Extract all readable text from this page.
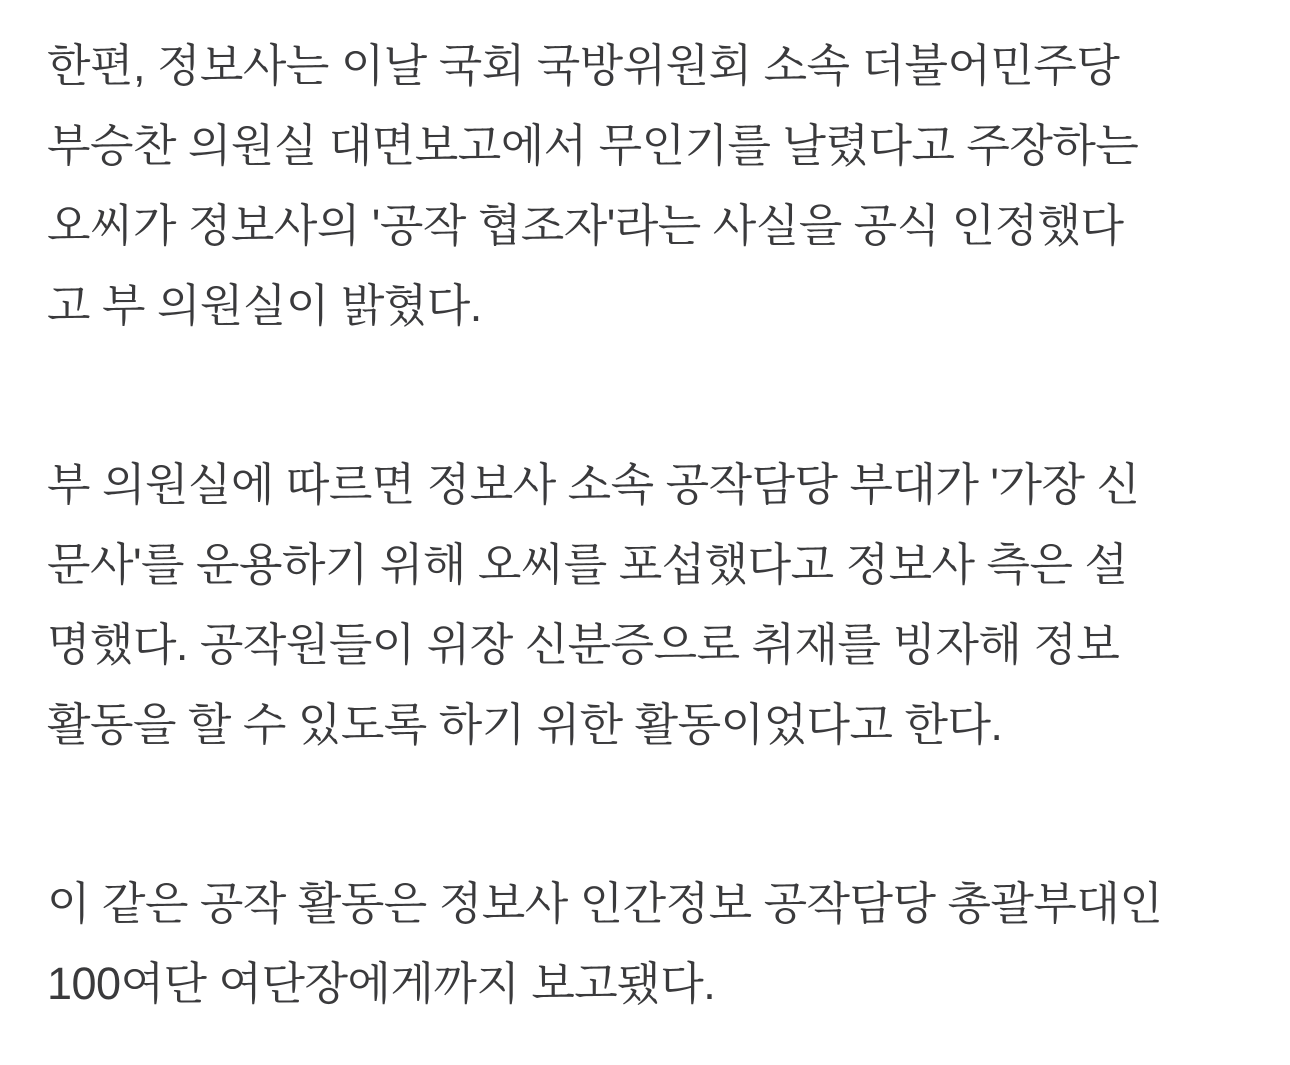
한편, 정보사는 이날 국회 국방위원회 소속 더불어민주당
부승찬 의원실 대면보고에서 무인기를 날렸다고 주장하는
오씨가 정보사의 '공작 협조자'라는 사실을 공식 인정했다
고 부 의원실이 밝혔다.

부 의원실에 따르면 정보사 소속 공작담당 부대가 '가장 신
문사'를 운용하기 위해 오씨를 포섭했다고 정보사 측은 설
명했다. 공작원들이 위장 신분증으로 취재를 빙자해 정보
활동을 할 수 있도록 하기 위한 활동이었다고 한다.

이 같은 공작 활동은 정보사 인간정보 공작담당 총괄부대인
100여단 여단장에게까지 보고됐다.
